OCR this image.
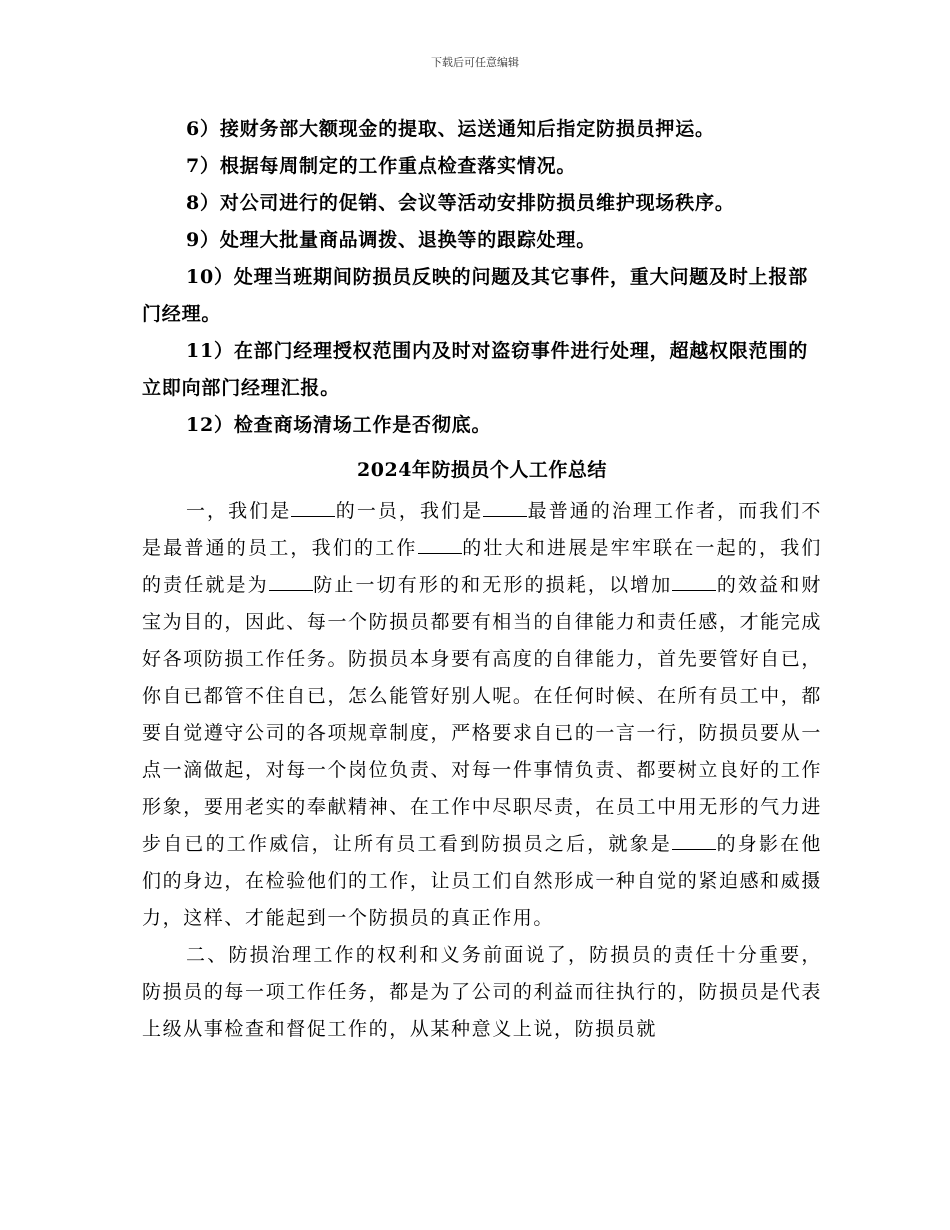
下载后可任意编辑

6）接财务部大额现金的提取、运送通知后指定防损员押运。

7）根据每周制定的工作重点检查落实情况。

8）对公司进行的促销、会议等活动安排防损员维护现场秩序。

9）处理大批量商品调拨、退换等的跟踪处理。

10）处理当班期间防损员反映的问题及其它事件，重大问题及时上报部门经理。

11）在部门经理授权范围内及时对盗窃事件进行处理，超越权限范围的立即向部门经理汇报。

12）检查商场清场工作是否彻底。

2024年防损员个人工作总结

一，我们是 的一员，我们是 最普通的治理工作者，而我们不是最普通的员工，我们的工作 的壮大和进展是牢牢联在一起的，我们的责任就是为 防止一切有形的和无形的损耗，以增加 的效益和财宝为目的，因此、每一个防损员都要有相当的自律能力和责任感，才能完成好各项防损工作任务。防损员本身要有高度的自律能力，首先要管好自已，你自已都管不住自已，怎么能管好别人呢。在任何时候、在所有员工中，都要自觉遵守公司的各项规章制度，严格要求自已的一言一行，防损员要从一点一滴做起，对每一个岗位负责、对每一件事情负责、都要树立良好的工作形象，要用老实的奉献精神、在工作中尽职尽责，在员工中用无形的气力进步自已的工作威信，让所有员工看到防损员之后，就象是 的身影在他们的身边，在检验他们的工作，让员工们自然形成一种自觉的紧迫感和威摄力，这样、才能起到一个防损员的真正作用。

二、防损治理工作的权利和义务前面说了，防损员的责任十分重要，防损员的每一项工作任务，都是为了公司的利益而往执行的，防损员是代表上级从事检查和督促工作的，从某种意义上说，防损员就
